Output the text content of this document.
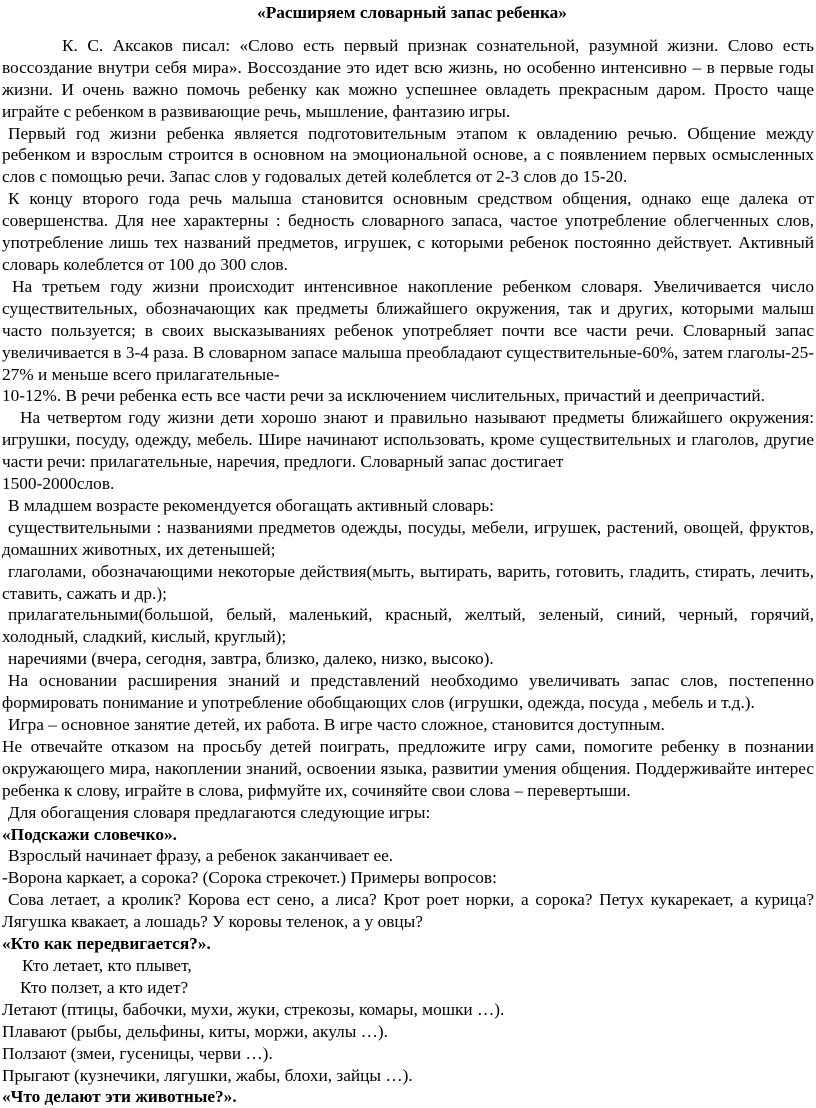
«Расширяем словарный запас ребенка»

К. С. Аксаков писал: «Слово есть первый признак сознательной, разумной жизни. Слово есть воссоздание внутри себя мира». Воссоздание это идет всю жизнь, но особенно интенсивно – в первые годы жизни. И очень важно помочь ребенку как можно успешнее овладеть прекрасным даром. Просто чаще играйте с ребенком в развивающие речь, мышление, фантазию игры.

Первый год жизни ребенка является подготовительным этапом к овладению речью. Общение между ребенком и взрослым строится в основном на эмоциональной основе, а с появлением первых осмысленных слов с помощью речи. Запас слов у годовалых детей колеблется от 2-3 слов до 15-20.

К концу второго года речь малыша становится основным средством общения, однако еще далека от совершенства. Для нее характерны : бедность словарного запаса, частое употребление облегченных слов, употребление лишь тех названий предметов, игрушек, с которыми ребенок постоянно действует. Активный словарь колеблется от 100 до 300 слов.

На третьем году жизни происходит интенсивное накопление ребенком словаря. Увеличивается число существительных, обозначающих как предметы ближайшего окружения, так и других, которыми малыш часто пользуется; в своих высказываниях ребенок употребляет почти все части речи. Словарный запас увеличивается в 3-4 раза. В словарном запасе малыша преобладают существительные-60%, затем глаголы-25-27% и меньше всего прилагательные-

10-12%. В речи ребенка есть все части речи за исключением числительных, причастий и деепричастий.

На четвертом году жизни дети хорошо знают и правильно называют предметы ближайшего окружения: игрушки, посуду, одежду, мебель. Шире начинают использовать, кроме существительных и глаголов, другие части речи: прилагательные, наречия, предлоги. Словарный запас достигает

1500-2000слов.

В младшем возрасте рекомендуется обогащать активный словарь:

существительными : названиями предметов одежды, посуды, мебели, игрушек, растений, овощей, фруктов, домашних животных, их детенышей;

глаголами, обозначающими некоторые действия(мыть, вытирать, варить, готовить, гладить, стирать, лечить, ставить, сажать и др.);

прилагательными(большой, белый, маленький, красный, желтый, зеленый, синий, черный, горячий, холодный, сладкий, кислый, круглый);

наречиями (вчера, сегодня, завтра, близко, далеко, низко, высоко).

На основании расширения знаний и представлений необходимо увеличивать запас слов, постепенно формировать понимание и употребление обобщающих слов (игрушки, одежда, посуда , мебель и т.д.).

Игра – основное занятие детей, их работа. В игре часто сложное, становится доступным.

Не отвечайте отказом на просьбу детей поиграть, предложите игру сами, помогите ребенку в познании окружающего мира, накоплении знаний, освоении языка, развитии умения общения. Поддерживайте интерес ребенка к слову, играйте в слова, рифмуйте их, сочиняйте свои слова – перевертыши.

Для обогащения словаря предлагаются следующие игры:

«Подскажи словечко».

Взрослый начинает фразу, а ребенок заканчивает ее.

-Ворона каркает, а сорока? (Сорока стрекочет.) Примеры вопросов:

Сова летает, а кролик? Корова ест сено, а лиса? Крот роет норки, а сорока? Петух кукарекает, а курица? Лягушка квакает, а лошадь? У коровы теленок, а у овцы?

«Кто как передвигается?».

Кто летает, кто плывет,

Кто ползет, а кто идет?

Летают (птицы, бабочки, мухи, жуки, стрекозы, комары, мошки …).

Плавают (рыбы, дельфины, киты, моржи, акулы …).

Ползают (змеи, гусеницы, черви …).

Прыгают (кузнечики, лягушки, жабы, блохи, зайцы …).

«Что делают эти животные?».
